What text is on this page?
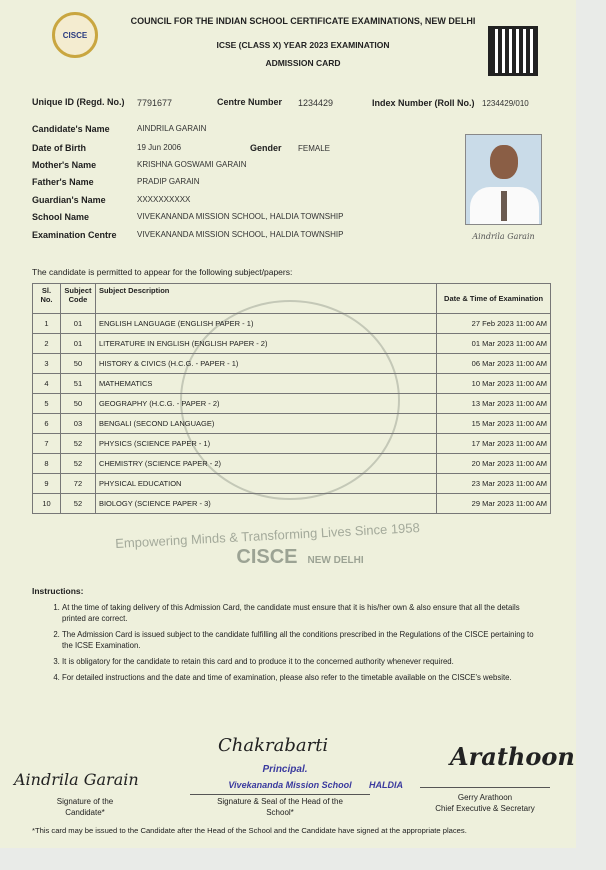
CISCE
COUNCIL FOR THE INDIAN SCHOOL CERTIFICATE EXAMINATIONS, NEW DELHI
ICSE (CLASS X) YEAR 2023 EXAMINATION
ADMISSION CARD
Unique ID (Regd. No.) 7791677	Centre Number 1234429	Index Number (Roll No.) 1234429/010
Candidate's Name	AINDRILA GARAIN
Date of Birth	19 Jun 2006	Gender FEMALE
Mother's Name	KRISHNA GOSWAMI GARAIN
Father's Name	PRADIP GARAIN
Guardian's Name	XXXXXXXXXX
School Name	VIVEKANANDA MISSION SCHOOL, HALDIA TOWNSHIP
Examination Centre	VIVEKANANDA MISSION SCHOOL, HALDIA TOWNSHIP	Aindrila Garain
The candidate is permitted to appear for the following subject/papers:
Sl. No.	Subject Code	Subject Description	Date & Time of Examination
1	01	ENGLISH LANGUAGE (ENGLISH PAPER - 1)	27 Feb 2023 11:00 AM
2	01	LITERATURE IN ENGLISH (ENGLISH PAPER - 2)	01 Mar 2023 11:00 AM
3	50	HISTORY & CIVICS (H.C.G. - PAPER - 1)	06 Mar 2023 11:00 AM
4	51	MATHEMATICS	10 Mar 2023 11:00 AM
5	50	GEOGRAPHY (H.C.G. - PAPER - 2)	13 Mar 2023 11:00 AM
6	03	BENGALI (SECOND LANGUAGE)	15 Mar 2023 11:00 AM
7	52	PHYSICS (SCIENCE PAPER - 1)	17 Mar 2023 11:00 AM
8	52	CHEMISTRY (SCIENCE PAPER - 2)	20 Mar 2023 11:00 AM
9	72	PHYSICAL EDUCATION	23 Mar 2023 11:00 AM
10	52	BIOLOGY (SCIENCE PAPER - 3)	29 Mar 2023 11:00 AM
Empowering Minds & Transforming Lives Since 1958
CISCE NEW DELHI
Instructions:
1. At the time of taking delivery of this Admission Card, the candidate must ensure that it is his/her own & also ensure that all the details printed are correct.
2. The Admission Card is issued subject to the candidate fulfilling all the conditions prescribed in the Regulations of the CISCE pertaining to the ICSE Examination.
3. It is obligatory for the candidate to retain this card and to produce it to the concerned authority whenever required.
4. For detailed instructions and the date and time of examination, please also refer to the timetable available on the CISCE's website.
Aindrila Garain
Signature of the Candidate*
Chakrabarti
Principal.
Vivekananda Mission School	HALDIA
Signature & Seal of the Head of the School*
Arathoon
Gerry Arathoon
Chief Executive & Secretary
*This card may be issued to the Candidate after the Head of the School and the Candidate have signed at the appropriate places.
